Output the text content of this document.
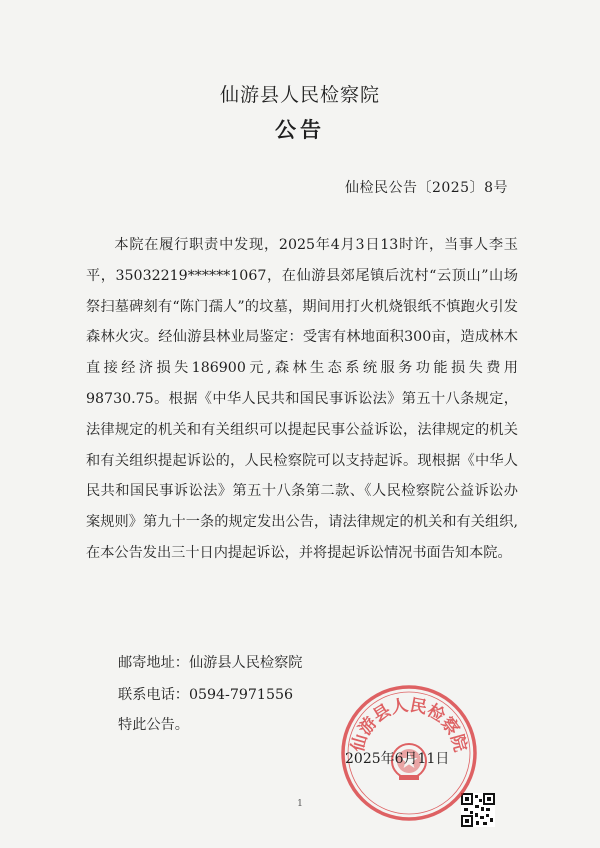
仙游县人民检察院
公告
仙检民公告〔2025〕8号
本院在履行职责中发现，2025年4月3日13时许，当事人李玉平，35032219******1067，在仙游县郊尾镇后沈村“云顶山”山场祭扫墓碑刻有“陈门孺人”的坟墓，期间用打火机烧银纸不慎跑火引发森林火灾。经仙游县林业局鉴定：受害有林地面积300亩，造成林木直接经济损失186900元,森林生态系统服务功能损失费用98730.75。根据《中华人民共和国民事诉讼法》第五十八条规定，法律规定的机关和有关组织可以提起民事公益诉讼，法律规定的机关和有关组织提起诉讼的，人民检察院可以支持起诉。现根据《中华人民共和国民事诉讼法》第五十八条第二款、《人民检察院公益诉讼办案规则》第九十一条的规定发出公告，请法律规定的机关和有关组织,在本公告发出三十日内提起诉讼，并将提起诉讼情况书面告知本院。
邮寄地址：仙游县人民检察院
联系电话：0594-7971556
特此公告。
仙游县人民检察院
2025年6月11日
1
